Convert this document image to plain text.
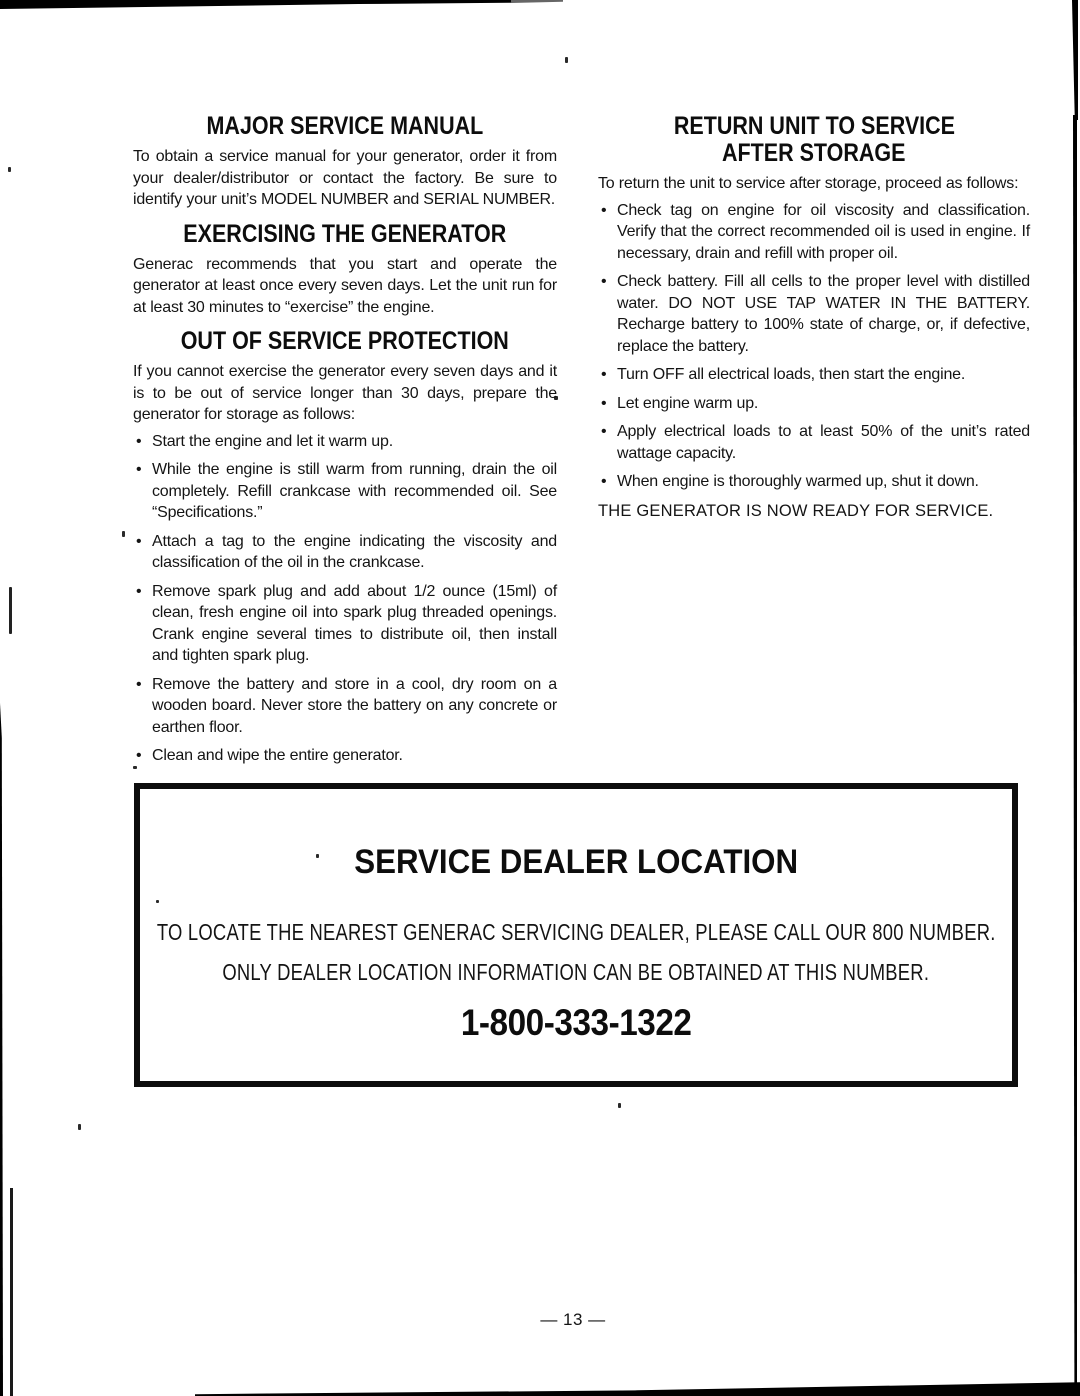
MAJOR SERVICE MANUAL

To obtain a service manual for your generator, order it from your dealer/distributor or contact the factory. Be sure to identify your unit’s MODEL NUMBER and SERIAL NUMBER.

EXERCISING THE GENERATOR

Generac recommends that you start and operate the generator at least once every seven days. Let the unit run for at least 30 minutes to “exercise” the engine.

OUT OF SERVICE PROTECTION

If you cannot exercise the generator every seven days and it is to be out of service longer than 30 days, prepare the generator for storage as follows:

• Start the engine and let it warm up.
• While the engine is still warm from running, drain the oil completely. Refill crankcase with recommended oil. See “Specifications.”
• Attach a tag to the engine indicating the viscosity and classification of the oil in the crankcase.
• Remove spark plug and add about 1/2 ounce (15ml) of clean, fresh engine oil into spark plug threaded openings. Crank engine several times to distribute oil, then install and tighten spark plug.
• Remove the battery and store in a cool, dry room on a wooden board. Never store the battery on any concrete or earthen floor.
• Clean and wipe the entire generator.
RETURN UNIT TO SERVICE
AFTER STORAGE

To return the unit to service after storage, proceed as follows:

• Check tag on engine for oil viscosity and classification. Verify that the correct recommended oil is used in engine. If necessary, drain and refill with proper oil.
• Check battery. Fill all cells to the proper level with distilled water. DO NOT USE TAP WATER IN THE BATTERY. Recharge battery to 100% state of charge, or, if defective, replace the battery.
• Turn OFF all electrical loads, then start the engine.
• Let engine warm up.
• Apply electrical loads to at least 50% of the unit’s rated wattage capacity.
• When engine is thoroughly warmed up, shut it down.

THE GENERATOR IS NOW READY FOR SERVICE.

SERVICE DEALER LOCATION
TO LOCATE THE NEAREST GENERAC SERVICING DEALER, PLEASE CALL OUR 800 NUMBER.
ONLY DEALER LOCATION INFORMATION CAN BE OBTAINED AT THIS NUMBER.
1-800-333-1322
— 13 —
